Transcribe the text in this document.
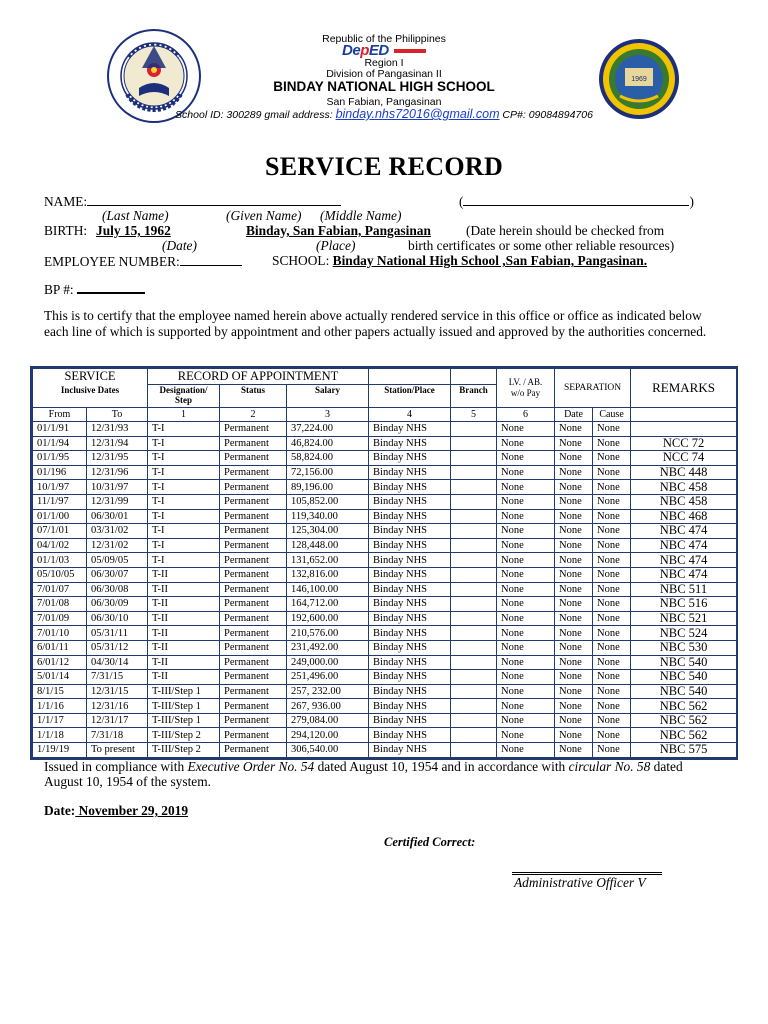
Republic of the Philippines
DepED
Region I
Division of Pangasinan II
BINDAY NATIONAL HIGH SCHOOL
San Fabian, Pangasinan
School ID: 300289 gmail address: binday.nhs72016@gmail.com CP#: 09084894706
1969
SERVICE RECORD
NAME:	(	)
(Last Name)	(Given Name) (Middle Name)
BIRTH: July 15, 1962	Binday, San Fabian, Pangasinan	(Date herein should be checked from
(Date)	(Place)	birth certificates or some other reliable resources)
EMPLOYEE NUMBER:	SCHOOL: Binday National High School ,San Fabian, Pangasinan.
BP #:
This is to certify that the employee named herein above actually rendered service in this office or office as indicated below each line of which is supported by appointment and other papers actually issued and approved by the authorities concerned.
SERVICE		RECORD OF APPOINTMENT					LV. / AB. w/o Pay	SEPARATION		REMARKS
Inclusive Dates		Designation/ Step	Status	Salary	Station/Place	Branch				
From	To	1	2	3	4	5	6	Date	Cause	
01/1/91	12/31/93	T-I	Permanent	37,224.00	Binday NHS		None	None	None	
01/1/94	12/31/94	T-I	Permanent	46,824.00	Binday NHS		None	None	None	NCC 72
01/1/95	12/31/95	T-I	Permanent	58,824.00	Binday NHS		None	None	None	NCC 74
01/196	12/31/96	T-I	Permanent	72,156.00	Binday NHS		None	None	None	NBC 448
10/1/97	10/31/97	T-I	Permanent	89,196.00	Binday NHS		None	None	None	NBC 458
11/1/97	12/31/99	T-I	Permanent	105,852.00	Binday NHS		None	None	None	NBC 458
01/1/00	06/30/01	T-I	Permanent	119,340.00	Binday NHS		None	None	None	NBC 468
07/1/01	03/31/02	T-I	Permanent	125,304.00	Binday NHS		None	None	None	NBC 474
04/1/02	12/31/02	T-I	Permanent	128,448.00	Binday NHS		None	None	None	NBC 474
01/1/03	05/09/05	T-I	Permanent	131,652.00	Binday NHS		None	None	None	NBC 474
05/10/05	06/30/07	T-II	Permanent	132,816.00	Binday NHS		None	None	None	NBC 474
7/01/07	06/30/08	T-II	Permanent	146,100.00	Binday NHS		None	None	None	NBC 511
7/01/08	06/30/09	T-II	Permanent	164,712.00	Binday NHS		None	None	None	NBC 516
7/01/09	06/30/10	T-II	Permanent	192,600.00	Binday NHS		None	None	None	NBC 521
7/01/10	05/31/11	T-II	Permanent	210,576.00	Binday NHS		None	None	None	NBC 524
6/01/11	05/31/12	T-II	Permanent	231,492.00	Binday NHS		None	None	None	NBC 530
6/01/12	04/30/14	T-II	Permanent	249,000.00	Binday NHS		None	None	None	NBC 540
5/01/14	7/31/15	T-II	Permanent	251,496.00	Binday NHS		None	None	None	NBC 540
8/1/15	12/31/15	T-III/Step 1	Permanent	257, 232.00	Binday NHS		None	None	None	NBC 540
1/1/16	12/31/16	T-III/Step 1	Permanent	267, 936.00	Binday NHS		None	None	None	NBC 562
1/1/17	12/31/17	T-III/Step 1	Permanent	279,084.00	Binday NHS		None	None	None	NBC 562
1/1/18	7/31/18	T-III/Step 2	Permanent	294,120.00	Binday NHS		None	None	None	NBC 562
1/19/19	To present	T-III/Step 2	Permanent	306,540.00	Binday NHS		None	None	None	NBC 575
Issued in compliance with Executive Order No. 54 dated August 10, 1954 and in accordance with circular No. 58 dated
August 10, 1954 of the system.
Date: November 29, 2019
Certified Correct:
Administrative Officer V
